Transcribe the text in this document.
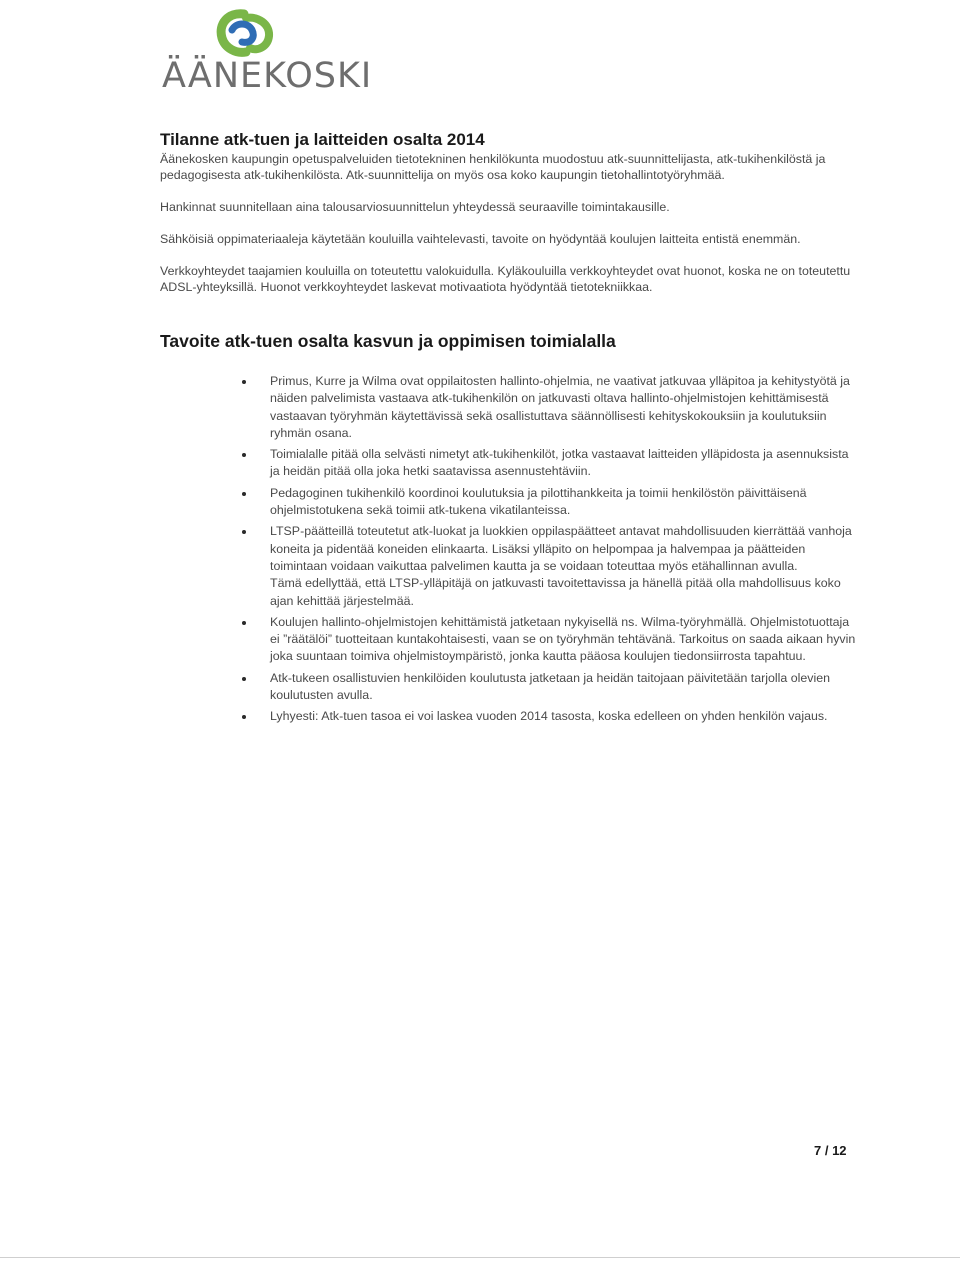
ÄÄNEKOSKI
Tilanne atk-tuen ja laitteiden osalta 2014

Äänekosken kaupungin opetuspalveluiden tietotekninen henkilökunta muodostuu atk-suunnittelijasta, atk-tukihenkilöstä ja pedagogisesta atk-tukihenkilösta. Atk-suunnittelija on myös osa koko kaupungin tietohallintotyöryhmää.

Hankinnat suunnitellaan aina talousarviosuunnittelun yhteydessä seuraaville toimintakausille.

Sähköisiä oppimateriaaleja käytetään kouluilla vaihtelevasti, tavoite on hyödyntää koulujen laitteita entistä enemmän.

Verkkoyhteydet taajamien kouluilla on toteutettu valokuidulla. Kyläkouluilla verkkoyhteydet ovat huonot, koska ne on toteutettu ADSL-yhteyksillä. Huonot verkkoyhteydet laskevat motivaatiota hyödyntää tietotekniikkaa.

Tavoite atk-tuen osalta kasvun ja oppimisen toimialalla
Primus, Kurre ja Wilma ovat oppilaitosten hallinto-ohjelmia, ne vaativat jatkuvaa ylläpitoa ja kehitystyötä ja näiden palvelimista vastaava atk-tukihenkilön on jatkuvasti oltava hallinto-ohjelmistojen kehittämisestä vastaavan työryhmän käytettävissä sekä osallistuttava säännöllisesti kehityskokouksiin ja koulutuksiin ryhmän osana.
Toimialalle pitää olla selvästi nimetyt atk-tukihenkilöt, jotka vastaavat laitteiden ylläpidosta ja asennuksista ja heidän pitää olla joka hetki saatavissa asennustehtäviin.
Pedagoginen tukihenkilö koordinoi koulutuksia ja pilottihankkeita ja toimii henkilöstön päivittäisenä ohjelmistotukena sekä toimii atk-tukena vikatilanteissa.
LTSP-päätteillä toteutetut atk-luokat ja luokkien oppilaspäätteet antavat mahdollisuuden kierrättää vanhoja koneita ja pidentää koneiden elinkaarta. Lisäksi ylläpito on helpompaa ja halvempaa ja päätteiden toimintaan voidaan vaikuttaa palvelimen kautta ja se voidaan toteuttaa myös etähallinnan avulla.
Tämä edellyttää, että LTSP-ylläpitäjä on jatkuvasti tavoitettavissa ja hänellä pitää olla mahdollisuus koko ajan kehittää järjestelmää.
Koulujen hallinto-ohjelmistojen kehittämistä jatketaan nykyisellä ns. Wilma-työryhmällä. Ohjelmistotuottaja ei ”räätälöi” tuotteitaan kuntakohtaisesti, vaan se on työryhmän tehtävänä. Tarkoitus on saada aikaan hyvin joka suuntaan toimiva ohjelmistoympäristö, jonka kautta pääosa koulujen tiedonsiirrosta tapahtuu.
Atk-tukeen osallistuvien henkilöiden koulutusta jatketaan ja heidän taitojaan päivitetään tarjolla olevien koulutusten avulla.
Lyhyesti: Atk-tuen tasoa ei voi laskea vuoden 2014 tasosta, koska edelleen on yhden henkilön vajaus.
7 / 12
